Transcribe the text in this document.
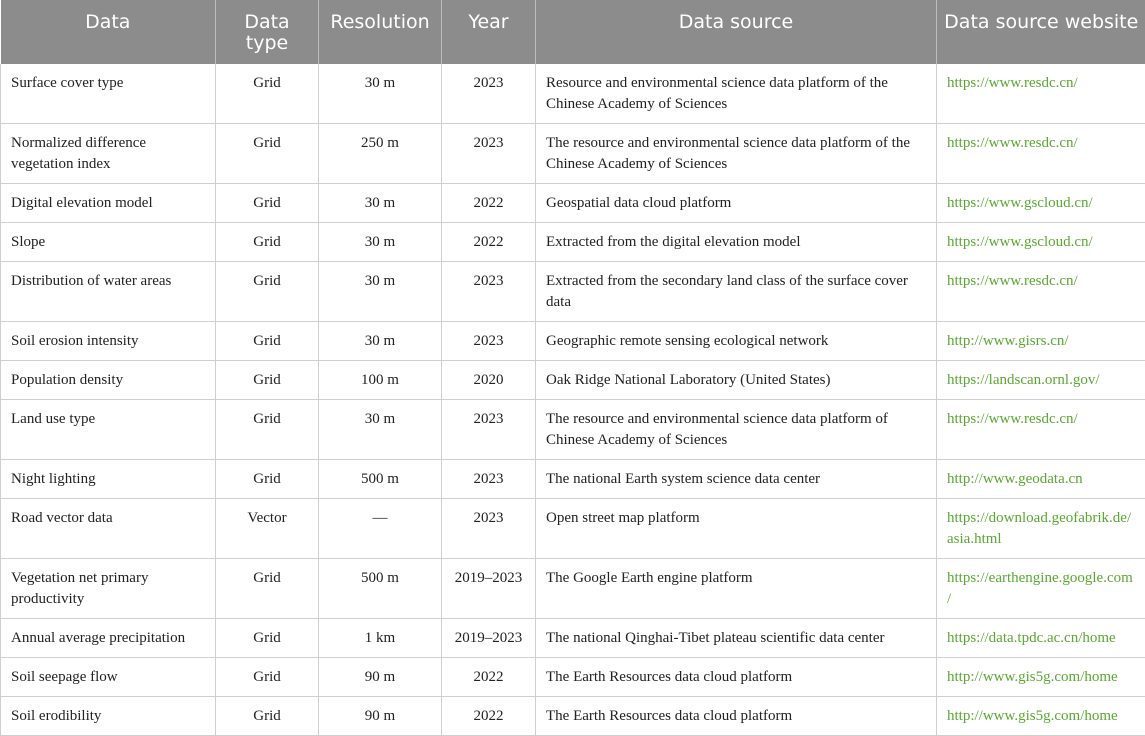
Data	Data type	Resolution	Year	Data source	Data source website
Surface cover type	Grid	30 m	2023	Resource and environmental science data platform of the Chinese Academy of Sciences	https://www.resdc.cn/
Normalized difference vegetation index	Grid	250 m	2023	The resource and environmental science data platform of the Chinese Academy of Sciences	https://www.resdc.cn/
Digital elevation model	Grid	30 m	2022	Geospatial data cloud platform	https://www.gscloud.cn/
Slope	Grid	30 m	2022	Extracted from the digital elevation model	https://www.gscloud.cn/
Distribution of water areas	Grid	30 m	2023	Extracted from the secondary land class of the surface cover data	https://www.resdc.cn/
Soil erosion intensity	Grid	30 m	2023	Geographic remote sensing ecological network	http://www.gisrs.cn/
Population density	Grid	100 m	2020	Oak Ridge National Laboratory (United States)	https://landscan.ornl.gov/
Land use type	Grid	30 m	2023	The resource and environmental science data platform of Chinese Academy of Sciences	https://www.resdc.cn/
Night lighting	Grid	500 m	2023	The national Earth system science data center	http://www.geodata.cn
Road vector data	Vector	—	2023	Open street map platform	https://download.geofabrik.de/asia.html
Vegetation net primary productivity	Grid	500 m	2019–2023	The Google Earth engine platform	https://earthengine.google.com/
Annual average precipitation	Grid	1 km	2019–2023	The national Qinghai-Tibet plateau scientific data center	https://data.tpdc.ac.cn/home
Soil seepage flow	Grid	90 m	2022	The Earth Resources data cloud platform	http://www.gis5g.com/home
Soil erodibility	Grid	90 m	2022	The Earth Resources data cloud platform	http://www.gis5g.com/home
